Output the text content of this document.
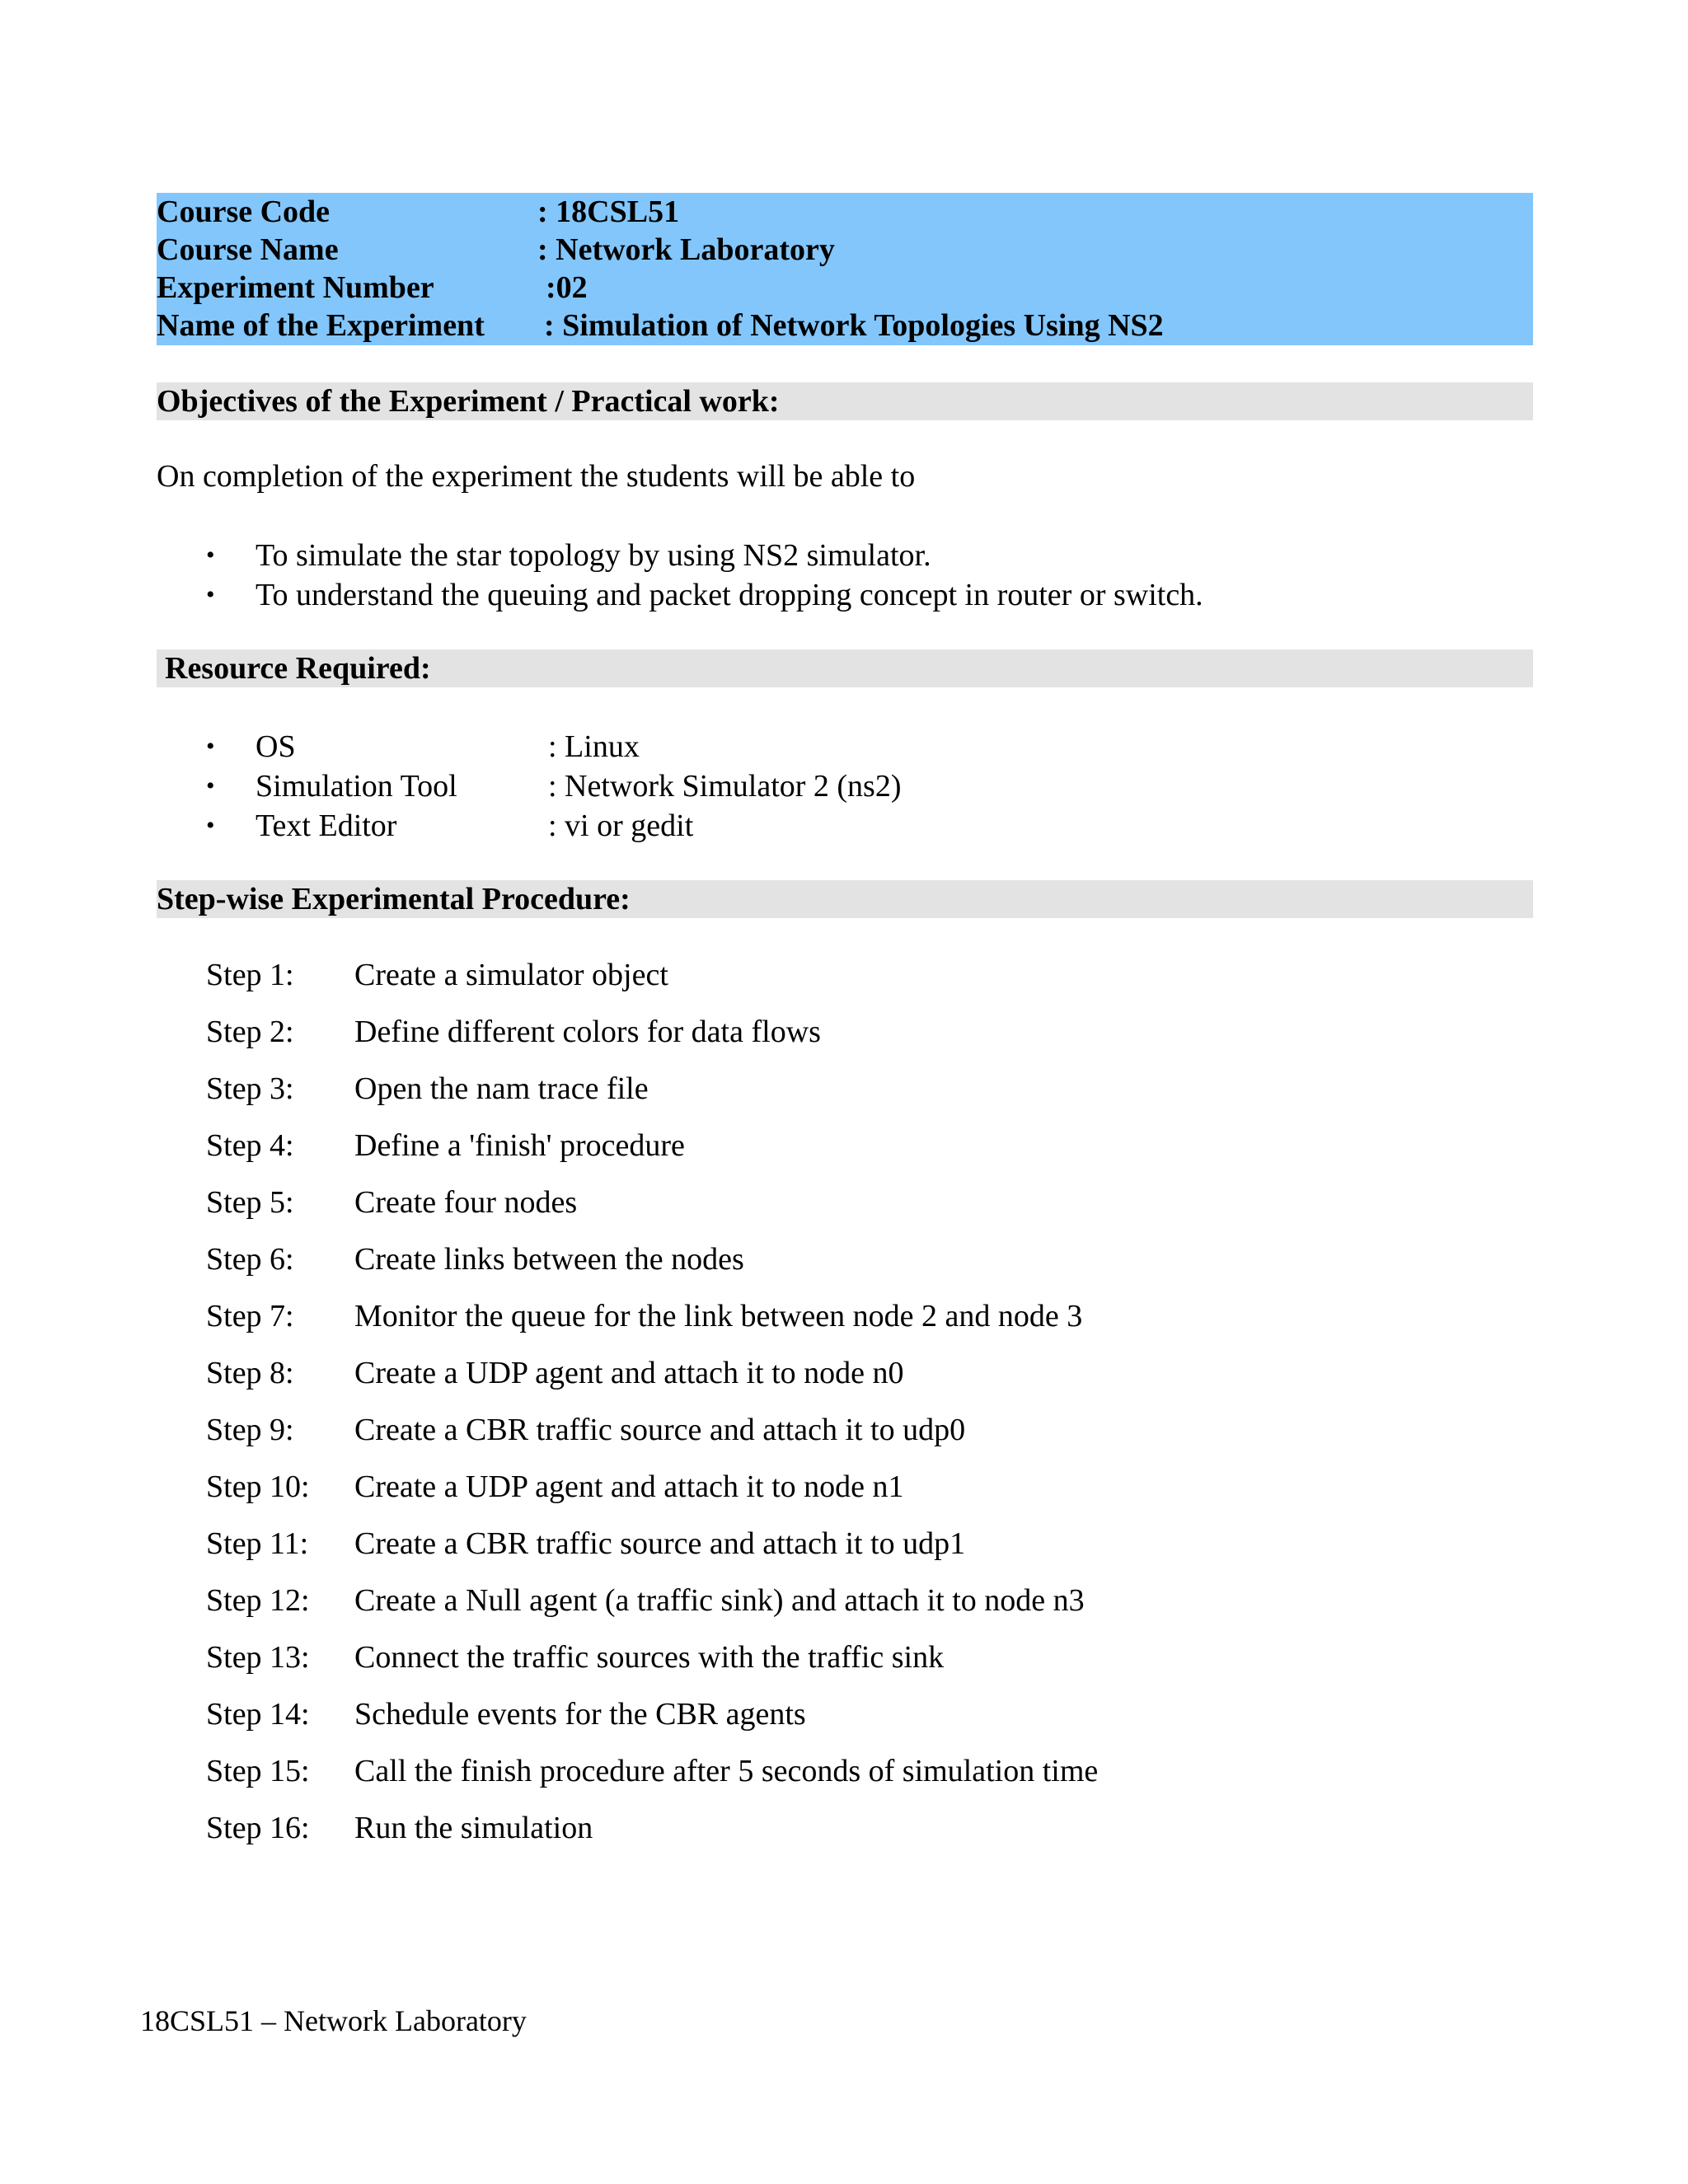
Course Code	: 18CSL51
Course Name	: Network Laboratory
Experiment Number	:02
Name of the Experiment : Simulation of Network Topologies Using NS2
Objectives of the Experiment / Practical work:
On completion of the experiment the students will be able to
• To simulate the star topology by using NS2 simulator.
• To understand the queuing and packet dropping concept in router or switch.
Resource Required:
• OS	: Linux
• Simulation Tool	: Network Simulator 2 (ns2)
• Text Editor	: vi or gedit
Step-wise Experimental Procedure:
Step 1: Create a simulator object
Step 2: Define different colors for data flows
Step 3: Open the nam trace file
Step 4: Define a 'finish' procedure
Step 5: Create four nodes
Step 6: Create links between the nodes
Step 7: Monitor the queue for the link between node 2 and node 3
Step 8: Create a UDP agent and attach it to node n0
Step 9: Create a CBR traffic source and attach it to udp0
Step 10: Create a UDP agent and attach it to node n1
Step 11: Create a CBR traffic source and attach it to udp1
Step 12: Create a Null agent (a traffic sink) and attach it to node n3
Step 13: Connect the traffic sources with the traffic sink
Step 14: Schedule events for the CBR agents
Step 15: Call the finish procedure after 5 seconds of simulation time
Step 16: Run the simulation
18CSL51 – Network Laboratory
